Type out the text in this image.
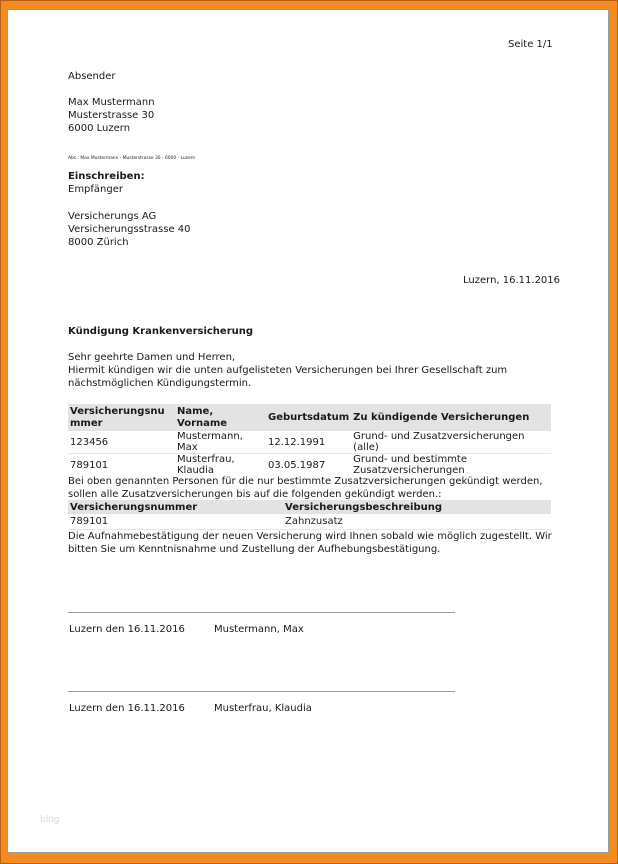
Seite 1/1
Absender
Max Mustermann
Musterstrasse 30
6000 Luzern
Abs.: Max Mustermann - Musterstrasse 30 - 6000 - Luzern
Einschreiben:
Empfänger
Versicherungs AG
Versicherungsstrasse 40
8000 Zürich
Luzern, 16.11.2016
Kündigung Krankenversicherung
Sehr geehrte Damen und Herren,
Hiermit kündigen wir die unten aufgelisteten Versicherungen bei Ihrer Gesellschaft zum nächstmöglichen Kündigungstermin.
Versicherungsnummer	Name, Vorname	Geburtsdatum	Zu kündigende Versicherungen
123456	Mustermann, Max	12.12.1991	Grund- und Zusatzversicherungen (alle)
789101	Musterfrau, Klaudia	03.05.1987	Grund- und bestimmte Zusatzversicherungen
Bei oben genannten Personen für die nur bestimmte Zusatzversicherungen gekündigt werden, sollen alle Zusatzversicherungen bis auf die folgenden gekündigt werden.:
Versicherungsnummer	Versicherungsbeschreibung
789101	Zahnzusatz
Die Aufnahmebestätigung der neuen Versicherung wird Ihnen sobald wie möglich zugestellt. Wir bitten Sie um Kenntnisnahme und Zustellung der Aufhebungsbestätigung.
Luzern den 16.11.2016	Mustermann, Max
Luzern den 16.11.2016	Musterfrau, Klaudia
blog
